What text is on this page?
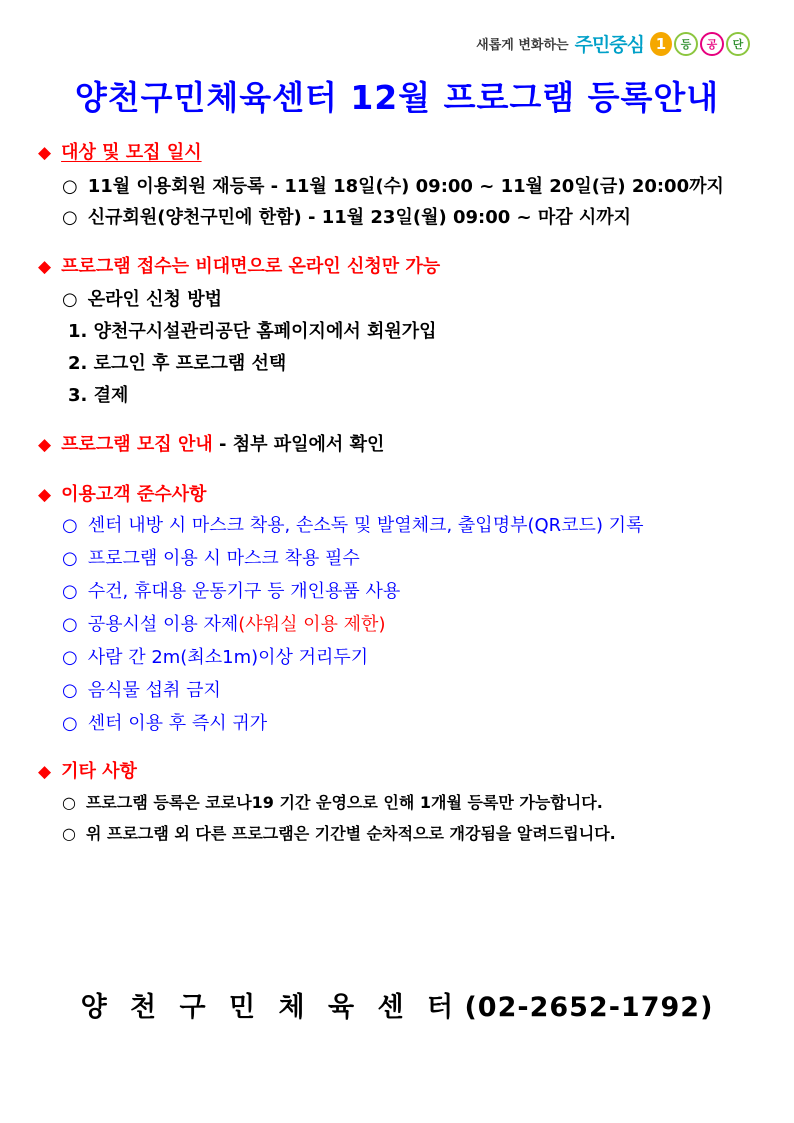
새롭게 변화하는 주민중심 1	등	공	단
양천구민체육센터 12월 프로그램 등록안내
◆ 대상 및 모집 일시
○ 11월 이용회원 재등록 - 11월 18일(수) 09:00 ~ 11월 20일(금) 20:00까지
○ 신규회원(양천구민에 한함) - 11월 23일(월) 09:00 ~ 마감 시까지
◆ 프로그램 접수는 비대면으로 온라인 신청만 가능
○ 온라인 신청 방법
1. 양천구시설관리공단 홈페이지에서 회원가입
2. 로그인 후 프로그램 선택
3. 결제
◆ 프로그램 모집 안내 - 첨부 파일에서 확인
◆ 이용고객 준수사항
○ 센터 내방 시 마스크 착용, 손소독 및 발열체크, 출입명부(QR코드) 기록
○ 프로그램 이용 시 마스크 착용 필수
○ 수건, 휴대용 운동기구 등 개인용품 사용
○ 공용시설 이용 자제(샤워실 이용 제한)
○ 사람 간 2m(최소1m)이상 거리두기
○ 음식물 섭취 금지
○ 센터 이용 후 즉시 귀가
◆ 기타 사항
○ 프로그램 등록은 코로나19 기간 운영으로 인해 1개월 등록만 가능합니다.
○ 위 프로그램 외 다른 프로그램은 기간별 순차적으로 개강됨을 알려드립니다.
양 천 구 민 체 육 센 터 (02-2652-1792)
